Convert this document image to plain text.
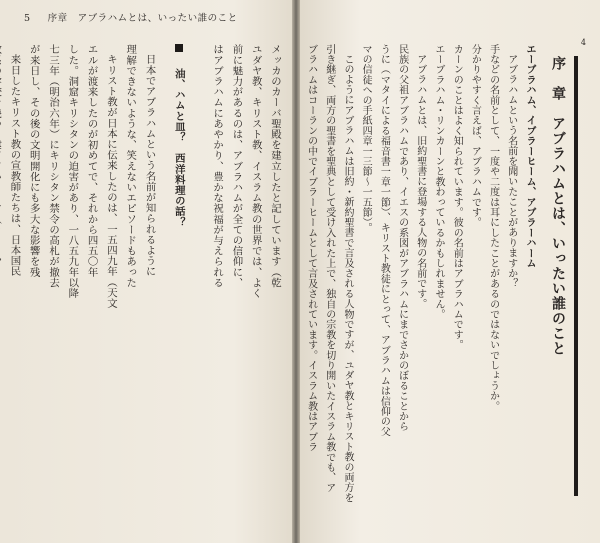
5 　 序章　アブラハムとは、いったい誰のこと

メッカのカーバ聖殿を建立したと記しています（乾

ユダヤ教、キリスト教、イスラム教の世界では、よく

前に魅力があるのは、アブラハムが全ての信仰に、

はアブラハムにあやかり、豊かな祝福が与えられる

油、ハムと皿？　西洋料理の話？

日本でアブラハムという名前が知られるように

理解できないような、笑えないエピソードもあった

キリスト教が日本に伝来したのは、一五四九年（天文

エルが渡来したのが初めてで、それから四五〇年

した。洞窟キリシタンの迫害があり、一八五九年以降

七三年（明治六年）にキリシタン禁令の高札が撤去

が来日し、その後の文明開化にも多大な影響を残

来日したキリスト教の宣教師たちは、日本国民

4
序　章　アブラハムとは、いったい誰のこと

エーブラハム、イブラーヒーム、アブラーハーム

アブラハムという名前を聞いたことがありますか？

手などの名前として、一度や二度は耳にしたことがあるのではないでしょうか。

分かりやすく言えば、アブラハムです。

カーンのことはよく知られています。彼の名前はアブラハムです。

エーブラハム・リンカーンと教わっているかもしれません。

アブラハムとは、旧約聖書に登場する人物の名前です。

民族の父祖アブラハムであり、イエスの系図がアブラハムにまでさかのぼることから

うに（マタイによる福音書一章一節）、キリスト教徒にとって、アブラハムは信仰の父

マの信徒への手紙四章一三節〜一五節）。

このようにアブラハムは旧約・新約聖書で言及される人物ですが、ユダヤ教とキリスト教の両方を

引き継ぎ、両方の聖書を聖典として受け入れた上で、独自の宗教を切り開いたイスラム教でも、ア

ブラハムはコーランの中でイブラーヒームとして言及されています。イスラム教はアブラ
